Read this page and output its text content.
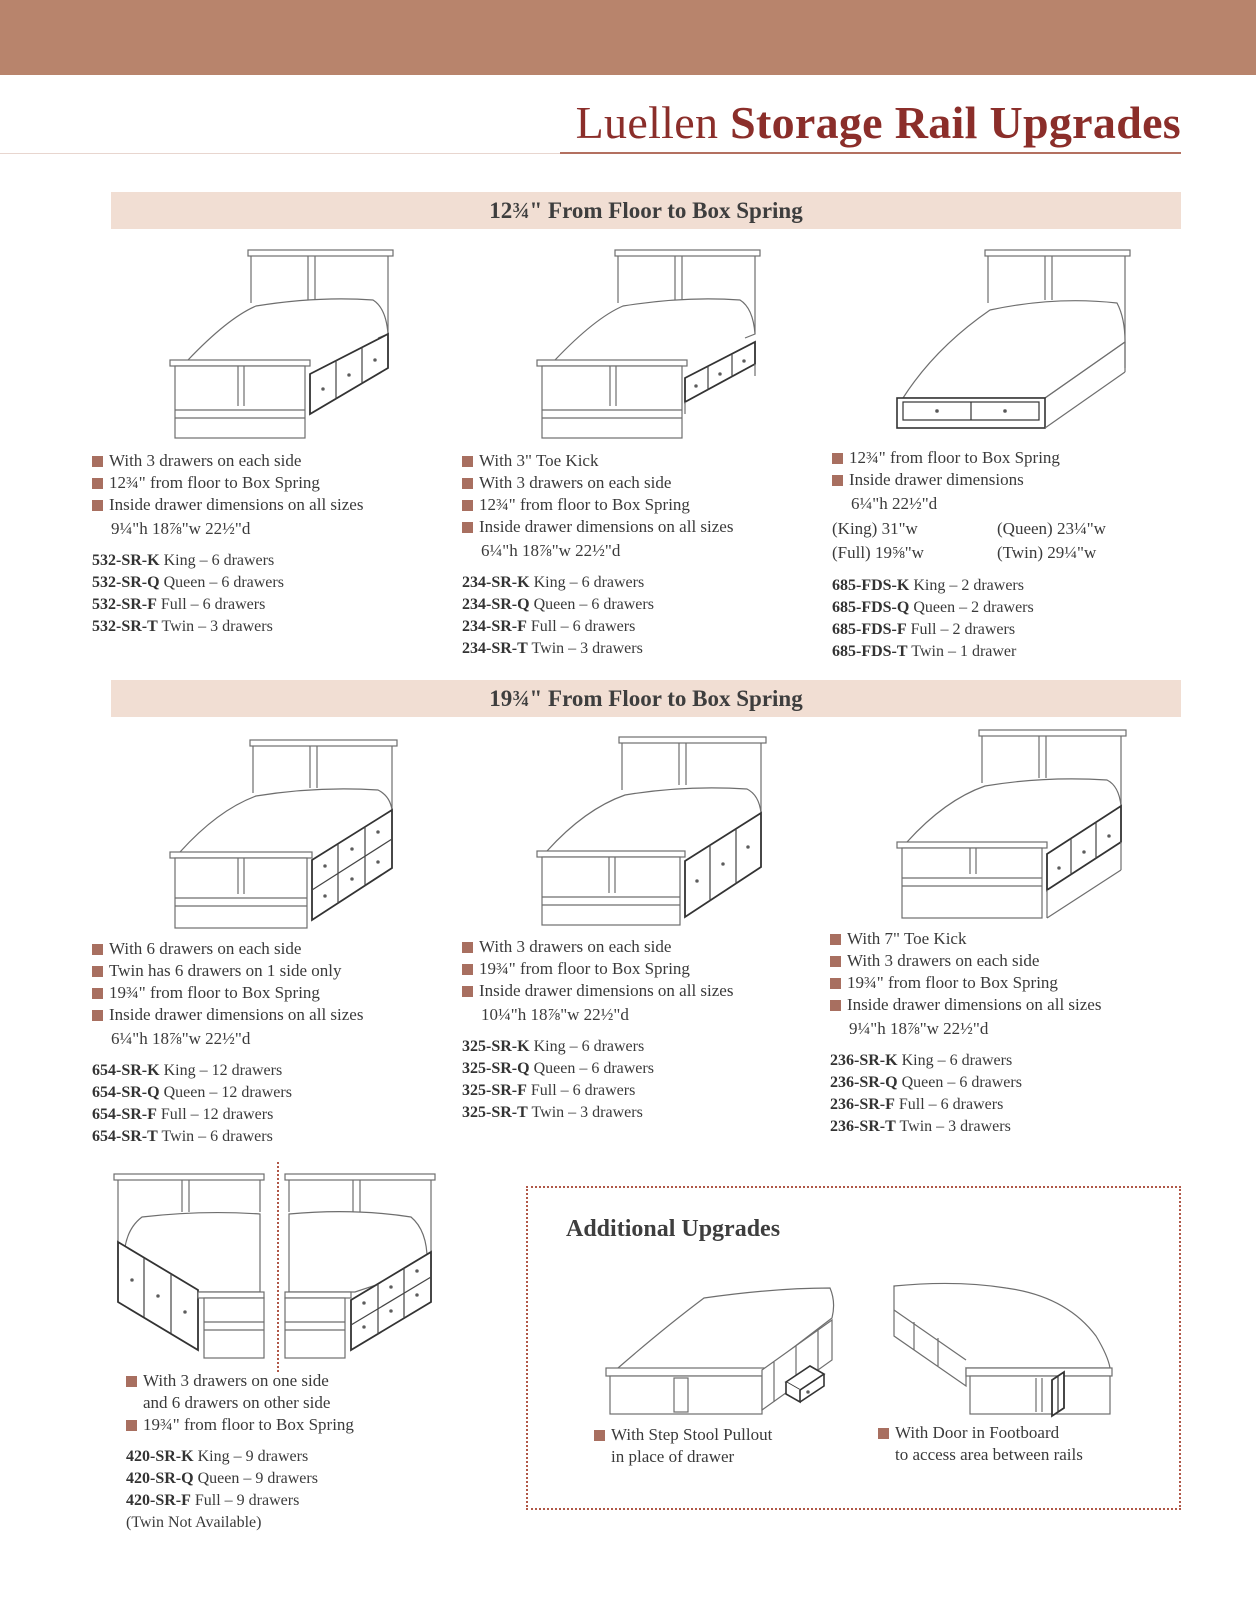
Luellen Storage Rail Upgrades
12¾" From Floor to Box Spring
With 3 drawers on each side
12¾" from floor to Box Spring
Inside drawer dimensions on all sizes
9¼"h 18⅞"w 22½"d
532-SR-K King – 6 drawers
532-SR-Q Queen – 6 drawers
532-SR-F Full – 6 drawers
532-SR-T Twin – 3 drawers
With 3" Toe Kick
With 3 drawers on each side
12¾" from floor to Box Spring
Inside drawer dimensions on all sizes
6¼"h 18⅞"w 22½"d
234-SR-K King – 6 drawers
234-SR-Q Queen – 6 drawers
234-SR-F Full – 6 drawers
234-SR-T Twin – 3 drawers
12¾" from floor to Box Spring
Inside drawer dimensions
6¼"h 22½"d
(King) 31"w	(Queen) 23¼"w
(Full) 19⅝"w	(Twin) 29¼"w
685-FDS-K King – 2 drawers
685-FDS-Q Queen – 2 drawers
685-FDS-F Full – 2 drawers
685-FDS-T Twin – 1 drawer
19¾" From Floor to Box Spring
With 6 drawers on each side
Twin has 6 drawers on 1 side only
19¾" from floor to Box Spring
Inside drawer dimensions on all sizes
6¼"h 18⅞"w 22½"d
654-SR-K King – 12 drawers
654-SR-Q Queen – 12 drawers
654-SR-F Full – 12 drawers
654-SR-T Twin – 6 drawers
With 3 drawers on each side
19¾" from floor to Box Spring
Inside drawer dimensions on all sizes
10¼"h 18⅞"w 22½"d
325-SR-K King – 6 drawers
325-SR-Q Queen – 6 drawers
325-SR-F Full – 6 drawers
325-SR-T Twin – 3 drawers
With 7" Toe Kick
With 3 drawers on each side
19¾" from floor to Box Spring
Inside drawer dimensions on all sizes
9¼"h 18⅞"w 22½"d
236-SR-K King – 6 drawers
236-SR-Q Queen – 6 drawers
236-SR-F Full – 6 drawers
236-SR-T Twin – 3 drawers
With 3 drawers on one side
and 6 drawers on other side
19¾" from floor to Box Spring
420-SR-K King – 9 drawers
420-SR-Q Queen – 9 drawers
420-SR-F Full – 9 drawers
(Twin Not Available)
Additional Upgrades
With Step Stool Pullout
in place of drawer
With Door in Footboard
to access area between rails
